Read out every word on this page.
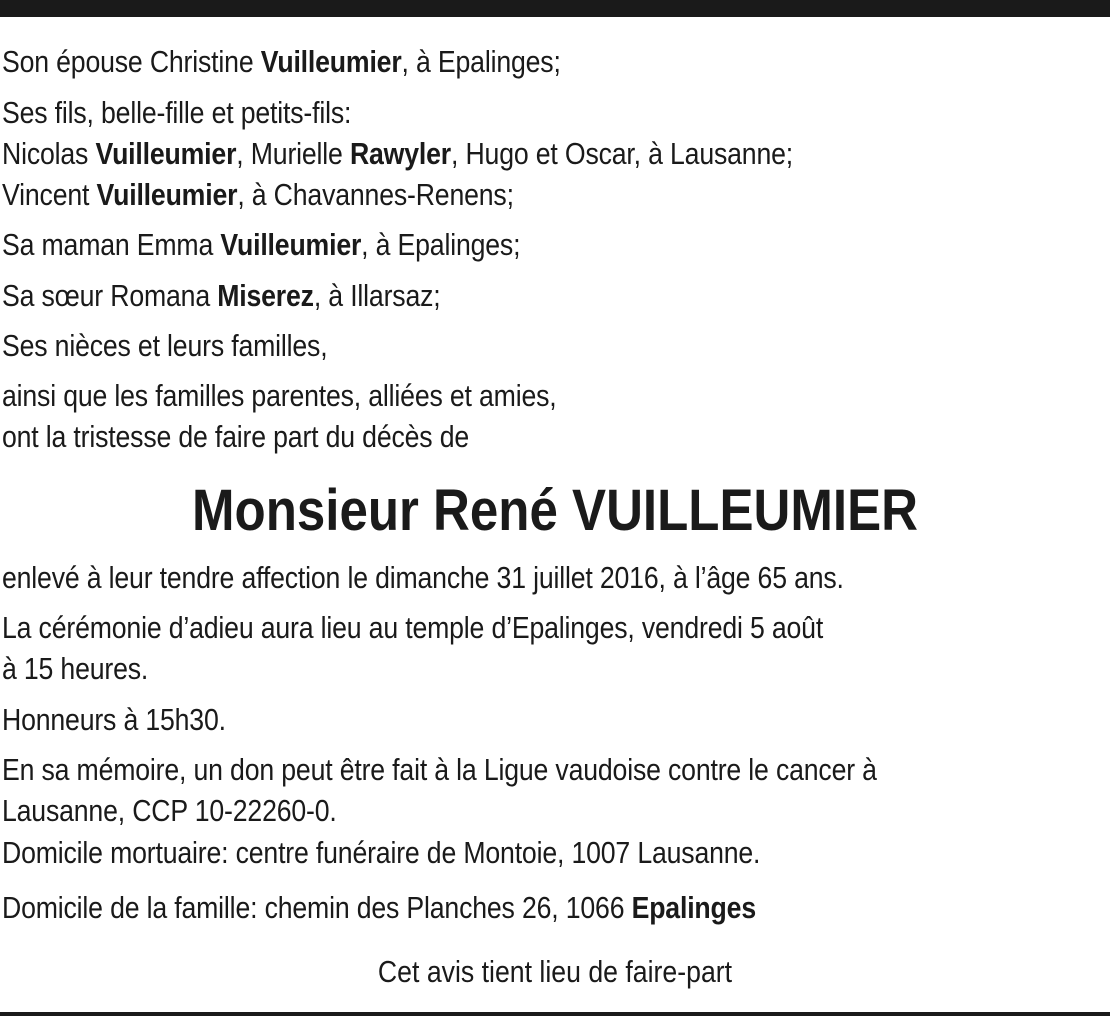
Son épouse Christine Vuilleumier, à Epalinges;
Ses fils, belle-fille et petits-fils:
Nicolas Vuilleumier, Murielle Rawyler, Hugo et Oscar, à Lausanne;
Vincent Vuilleumier, à Chavannes-Renens;
Sa maman Emma Vuilleumier, à Epalinges;
Sa sœur Romana Miserez, à Illarsaz;
Ses nièces et leurs familles,
ainsi que les familles parentes, alliées et amies,
ont la tristesse de faire part du décès de
Monsieur René VUILLEUMIER
enlevé à leur tendre affection le dimanche 31 juillet 2016, à l’âge 65 ans.
La cérémonie d’adieu aura lieu au temple d’Epalinges, vendredi 5 août
à 15 heures.
Honneurs à 15h30.
En sa mémoire, un don peut être fait à la Ligue vaudoise contre le cancer à
Lausanne, CCP 10-22260-0.
Domicile mortuaire: centre funéraire de Montoie, 1007 Lausanne.
Domicile de la famille: chemin des Planches 26, 1066 Epalinges
Cet avis tient lieu de faire-part
